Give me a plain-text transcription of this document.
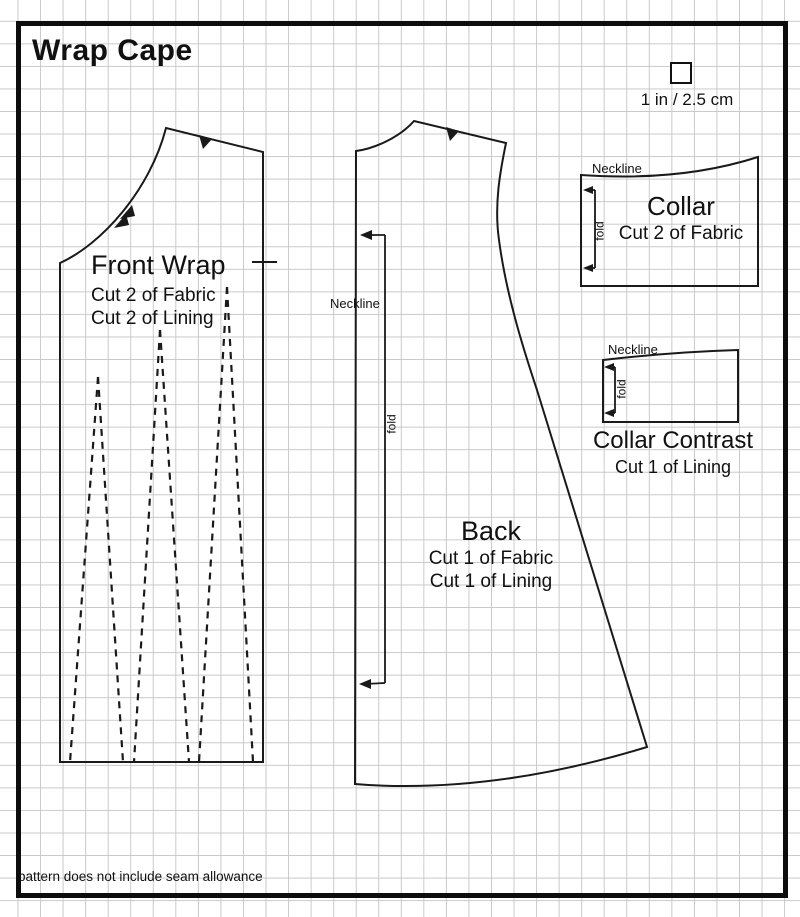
Wrap Cape
1 in / 2.5 cm
Front Wrap
Cut 2 of Fabric
Cut 2 of Lining
Neckline
fold
Back
Cut 1 of Fabric
Cut 1 of Lining
Neckline
fold
Collar
Cut 2 of Fabric
Neckline
fold
Collar Contrast
Cut 1 of Lining
pattern does not include seam allowance
